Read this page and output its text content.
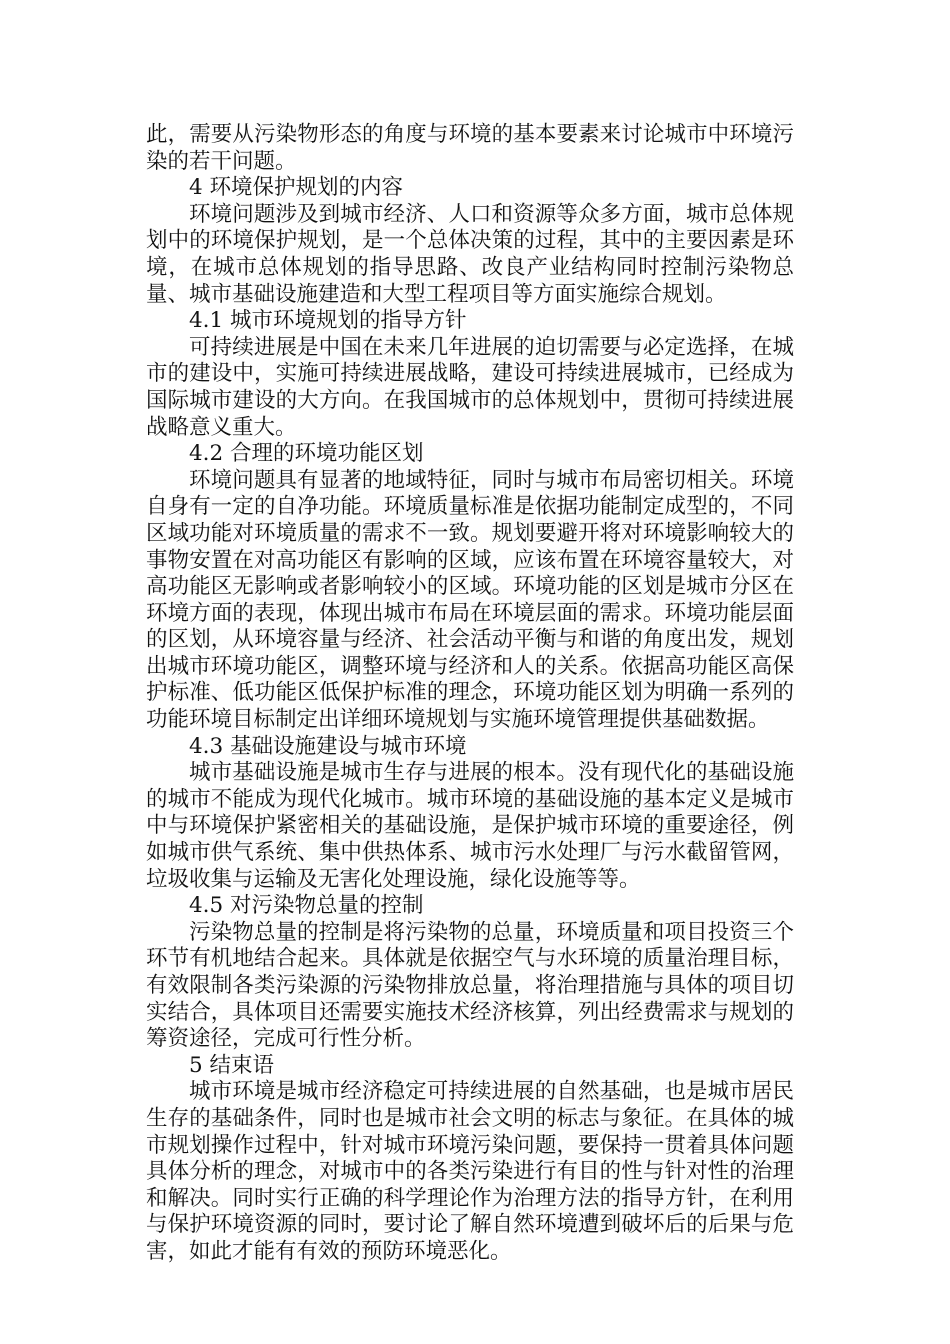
此，需要从污染物形态的角度与环境的基本要素来讨论城市中环境污染的若干问题。

4 环境保护规划的内容

环境问题涉及到城市经济、人口和资源等众多方面，城市总体规划中的环境保护规划，是一个总体决策的过程，其中的主要因素是环境，在城市总体规划的指导思路、改良产业结构同时控制污染物总量、城市基础设施建造和大型工程项目等方面实施综合规划。

4.1 城市环境规划的指导方针

可持续进展是中国在未来几年进展的迫切需要与必定选择，在城市的建设中，实施可持续进展战略，建设可持续进展城市，已经成为国际城市建设的大方向。在我国城市的总体规划中，贯彻可持续进展战略意义重大。

4.2 合理的环境功能区划

环境问题具有显著的地域特征，同时与城市布局密切相关。环境自身有一定的自净功能。环境质量标准是依据功能制定成型的，不同区域功能对环境质量的需求不一致。规划要避开将对环境影响较大的事物安置在对高功能区有影响的区域，应该布置在环境容量较大，对高功能区无影响或者影响较小的区域。环境功能的区划是城市分区在环境方面的表现，体现出城市布局在环境层面的需求。环境功能层面的区划，从环境容量与经济、社会活动平衡与和谐的角度出发，规划出城市环境功能区，调整环境与经济和人的关系。依据高功能区高保护标准、低功能区低保护标准的理念，环境功能区划为明确一系列的功能环境目标制定出详细环境规划与实施环境管理提供基础数据。

4.3 基础设施建设与城市环境

城市基础设施是城市生存与进展的根本。没有现代化的基础设施的城市不能成为现代化城市。城市环境的基础设施的基本定义是城市中与环境保护紧密相关的基础设施，是保护城市环境的重要途径，例如城市供气系统、集中供热体系、城市污水处理厂与污水截留管网，垃圾收集与运输及无害化处理设施，绿化设施等等。

4.5 对污染物总量的控制

污染物总量的控制是将污染物的总量，环境质量和项目投资三个环节有机地结合起来。具体就是依据空气与水环境的质量治理目标，有效限制各类污染源的污染物排放总量，将治理措施与具体的项目切实结合，具体项目还需要实施技术经济核算，列出经费需求与规划的筹资途径，完成可行性分析。

5 结束语

城市环境是城市经济稳定可持续进展的自然基础，也是城市居民生存的基础条件，同时也是城市社会文明的标志与象征。在具体的城市规划操作过程中，针对城市环境污染问题，要保持一贯着具体问题具体分析的理念，对城市中的各类污染进行有目的性与针对性的治理和解决。同时实行正确的科学理论作为治理方法的指导方针，在利用与保护环境资源的同时，要讨论了解自然环境遭到破坏后的后果与危害，如此才能有有效的预防环境恶化。
